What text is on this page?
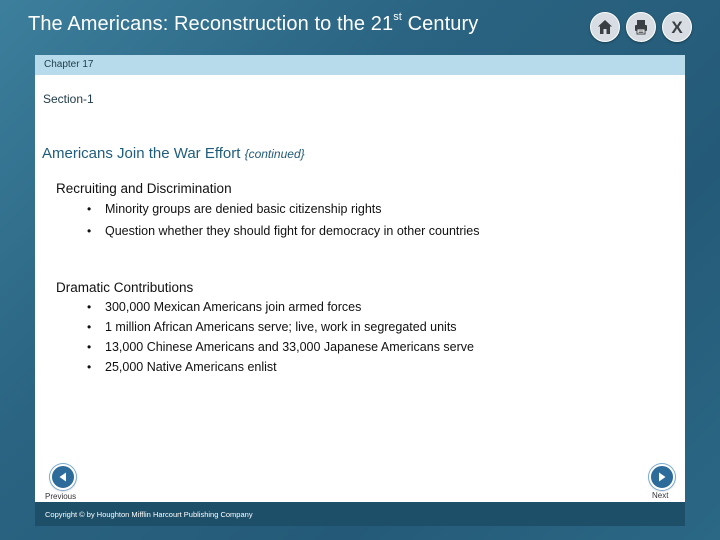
The Americans: Reconstruction to the 21st Century	X
Chapter 17
Section-1
Americans Join the War Effort {continued}
Recruiting and Discrimination
• Minority groups are denied basic citizenship rights
• Question whether they should fight for democracy in other countries
Dramatic Contributions
• 300,000 Mexican Americans join armed forces
• 1 million African Americans serve; live, work in segregated units
• 13,000 Chinese Americans and 33,000 Japanese Americans serve
• 25,000 Native Americans enlist
Previous	Next
Copyright © by Houghton Mifflin Harcourt Publishing Company
